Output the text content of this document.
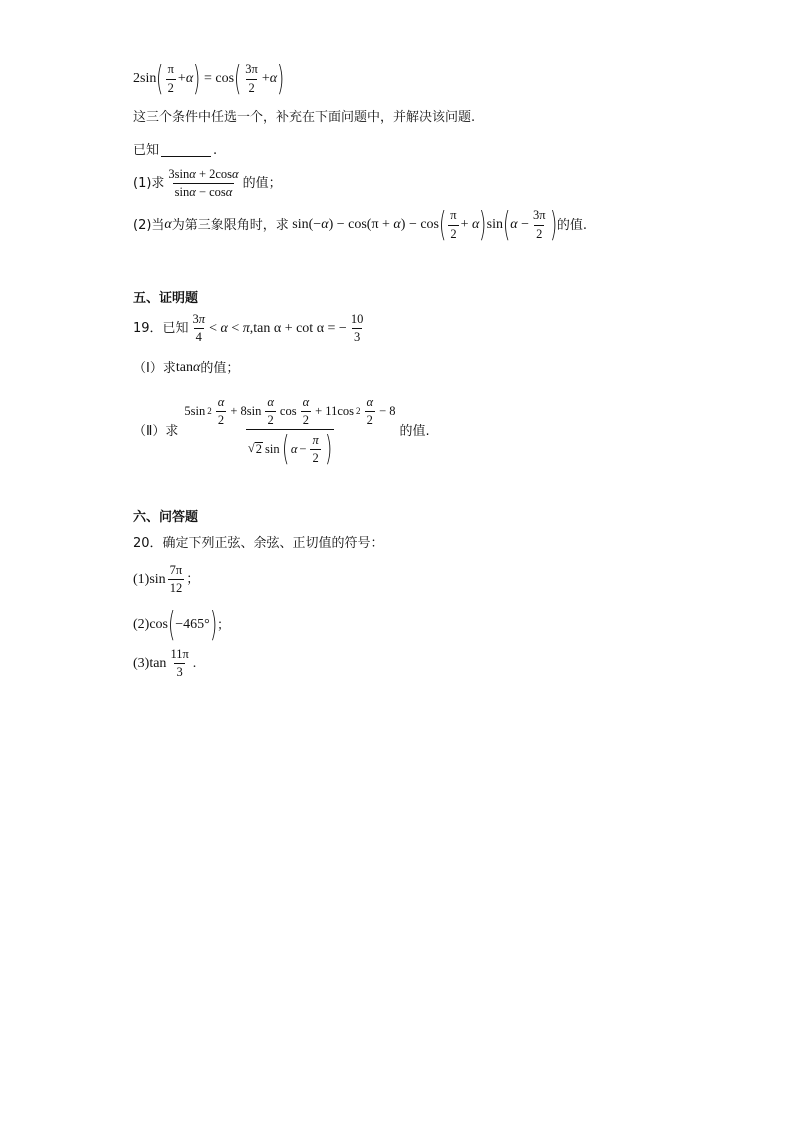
2sin ( $\frac{\pi}{2} + \alpha$ ) = cos ( $\frac{3\pi}{2} + \alpha$ )
这三个条件中任选一个，补充在下面问题中，并解决该问题.
已知	.
(1)求 $\frac{3\sin\alpha + 2\cos\alpha}{\sin\alpha - \cos\alpha}$ 的值；
(2)当 α 为第三象限角时，求 sin(−α) − cos(π + α) − cos ( $\frac{\pi}{2} + \alpha$ ) sin ( $\alpha - \frac{3\pi}{2}$ ) 的值.
五、证明题
19．已知 $\frac{3\pi}{4} < \alpha < \pi$ ,tan α + cot α = − $\frac{10}{3}$
（Ⅰ）求 tanα 的值；
（Ⅱ）求
5sin $2 \frac{\alpha}{2} + 8\sin \frac{\alpha}{2}$ $\cos \frac{\alpha}{2} + 11\cos$ $2 \frac{\alpha}{2} - 8$
√ 2 sin ( $\alpha - \frac{\pi}{2}$ )	的值.
六、问答题
20．确定下列正弦、余弦、正切值的符号：
(1) $\sin \frac{7\pi}{12}$ ；
(2) cos ( −465° ) ；
(3) $\tan \frac{11\pi}{3}$ .
